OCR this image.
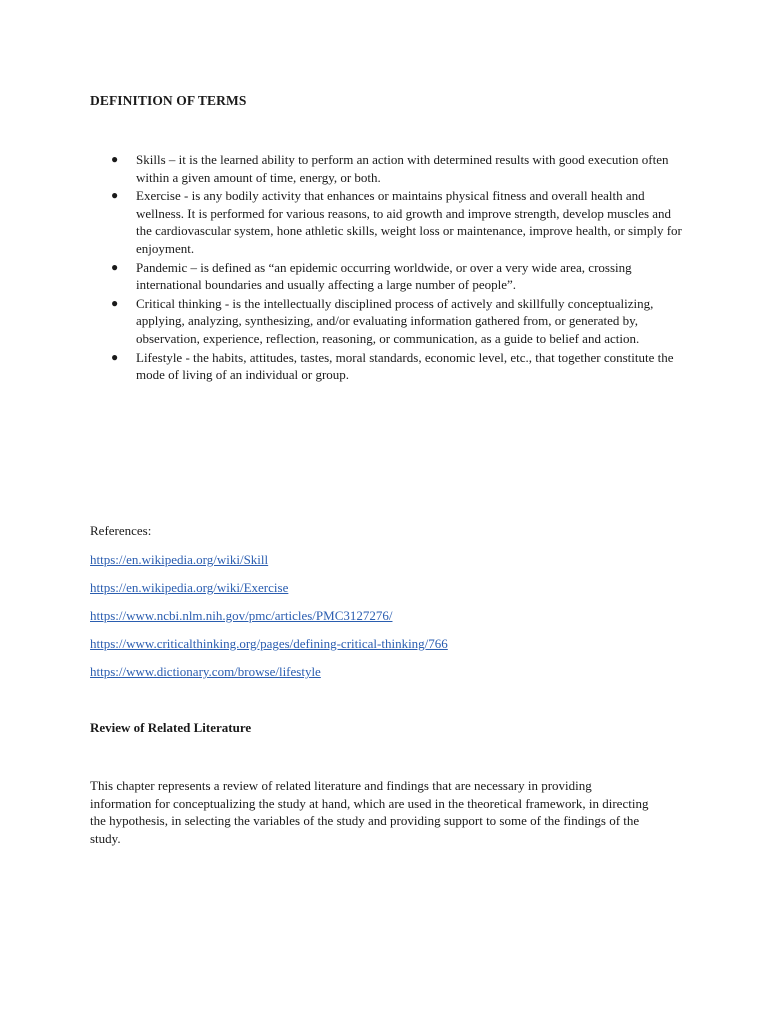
DEFINITION OF TERMS
● Skills – it is the learned ability to perform an action with determined results with good execution often within a given amount of time, energy, or both.
● Exercise - is any bodily activity that enhances or maintains physical fitness and overall health and wellness. It is performed for various reasons, to aid growth and improve strength, develop muscles and the cardiovascular system, hone athletic skills, weight loss or maintenance, improve health, or simply for enjoyment.
● Pandemic – is defined as “an epidemic occurring worldwide, or over a very wide area, crossing international boundaries and usually affecting a large number of people”.
● Critical thinking - is the intellectually disciplined process of actively and skillfully conceptualizing, applying, analyzing, synthesizing, and/or evaluating information gathered from, or generated by, observation, experience, reflection, reasoning, or communication, as a guide to belief and action.
● Lifestyle - the habits, attitudes, tastes, moral standards, economic level, etc., that together constitute the mode of living of an individual or group.
References:
https://en.wikipedia.org/wiki/Skill
https://en.wikipedia.org/wiki/Exercise
https://www.ncbi.nlm.nih.gov/pmc/articles/PMC3127276/
https://www.criticalthinking.org/pages/defining-critical-thinking/766
https://www.dictionary.com/browse/lifestyle
Review of Related Literature

This chapter represents a review of related literature and findings that are necessary in providing information for conceptualizing the study at hand, which are used in the theoretical framework, in directing the hypothesis, in selecting the variables of the study and providing support to some of the findings of the study.
